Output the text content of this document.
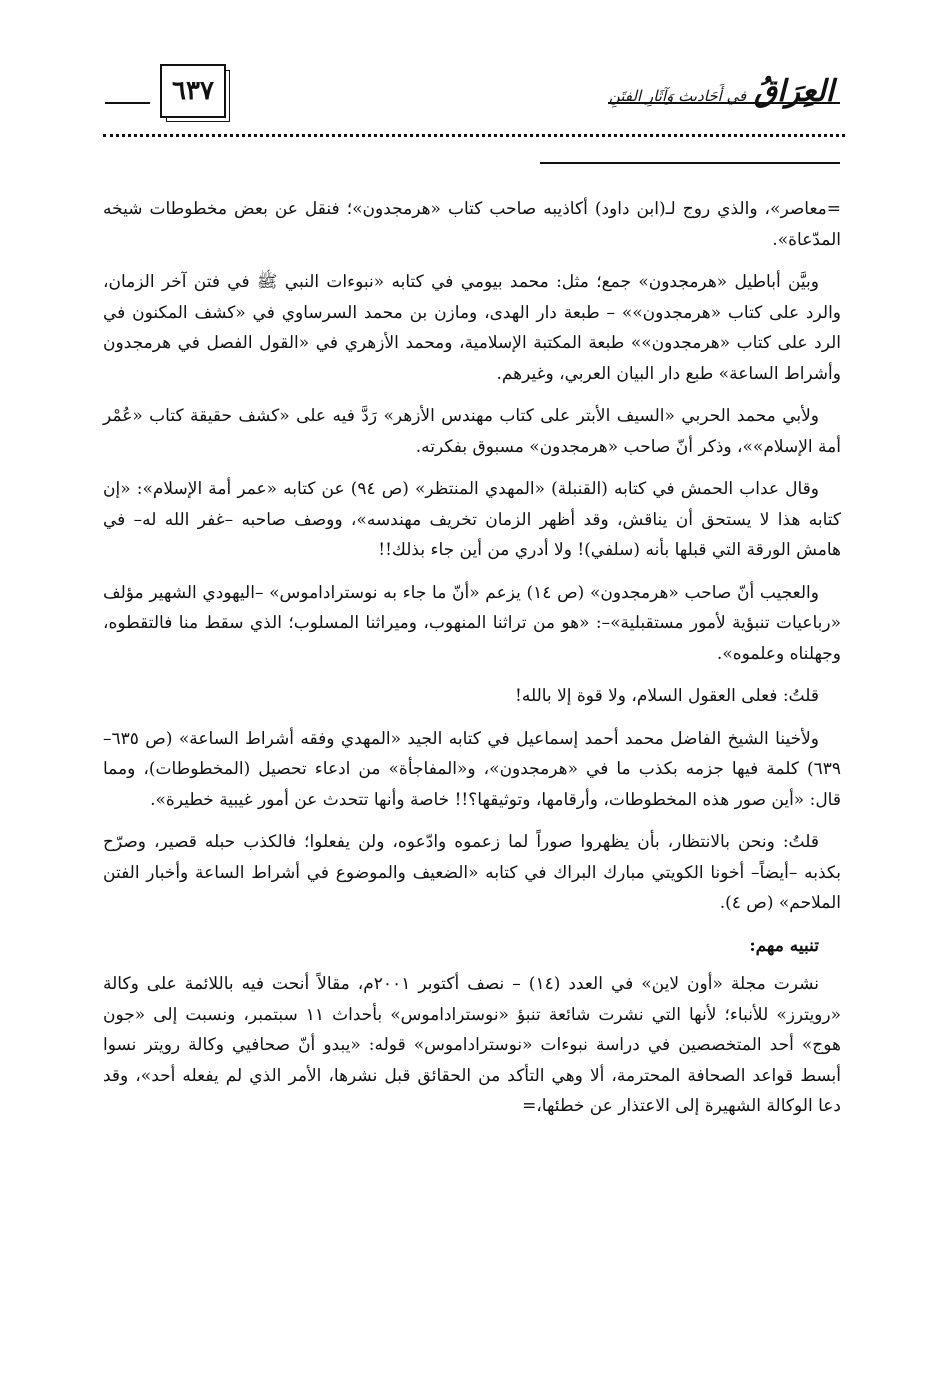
٦٣٧	العِرَاقُ فِي أَحَادِيثِ وَآثَارِ الفِتَنِ

=معاصر»، والذي روج لـ(ابن داود) أكاذيبه صاحب كتاب «هرمجدون»؛ فنقل عن بعض مخطوطات شيخه المدّعاة».

وبيَّن أباطيل «هرمجدون» جمع؛ مثل: محمد بيومي في كتابه «نبوءات النبي ﷺ في فتن آخر الزمان، والرد على كتاب «هرمجدون»» – طبعة دار الهدى، ومازن بن محمد السرساوي في «كشف المكنون في الرد على كتاب «هرمجدون»» طبعة المكتبة الإسلامية، ومحمد الأزهري في «القول الفصل في هرمجدون وأشراط الساعة» طبع دار البيان العربي، وغيرهم.

ولأبي محمد الحربي «السيف الأبتر على كتاب مهندس الأزهر» رَدَّ فيه على «كشف حقيقة كتاب «عُمْر أمة الإسلام»»، وذكر أنّ صاحب «هرمجدون» مسبوق بفكرته.

وقال عداب الحمش في كتابه (القنبلة) «المهدي المنتظر» (ص ٩٤) عن كتابه «عمر أمة الإسلام»: «إن كتابه هذا لا يستحق أن يناقش، وقد أظهر الزمان تخريف مهندسه»، ووصف صاحبه –غفر الله له– في هامش الورقة التي قبلها بأنه (سلفي)! ولا أدري من أين جاء بذلك!!

والعجيب أنّ صاحب «هرمجدون» (ص ١٤) يزعم «أنّ ما جاء به نوستراداموس» –اليهودي الشهير مؤلف «رباعيات تنبؤية لأمور مستقبلية»–: «هو من تراثنا المنهوب، وميراثنا المسلوب؛ الذي سقط منا فالتقطوه، وجهلناه وعلموه».

قلتُ: فعلى العقول السلام، ولا قوة إلا بالله!

ولأخينا الشيخ الفاضل محمد أحمد إسماعيل في كتابه الجيد «المهدي وفقه أشراط الساعة» (ص ٦٣٥–٦٣٩) كلمة فيها جزمه بكذب ما في «هرمجدون»، و«المفاجأة» من ادعاء تحصيل (المخطوطات)، ومما قال: «أين صور هذه المخطوطات، وأرقامها، وتوثيقها؟!! خاصة وأنها تتحدث عن أمور غيبية خطيرة».

قلتُ: ونحن بالانتظار، بأن يظهروا صوراً لما زعموه وادّعوه، ولن يفعلوا؛ فالكذب حبله قصير، وصرّح بكذبه –أيضاً– أخونا الكويتي مبارك البراك في كتابه «الضعيف والموضوع في أشراط الساعة وأخبار الفتن الملاحم» (ص ٤).

تنبيه مهم:

نشرت مجلة «أون لاين» في العدد (١٤) – نصف أكتوبر ٢٠٠١م، مقالاً أنحت فيه باللائمة على وكالة «رويترز» للأنباء؛ لأنها التي نشرت شائعة تنبؤ «نوستراداموس» بأحداث ١١ سبتمبر، ونسبت إلى «جون هوج» أحد المتخصصين في دراسة نبوءات «نوستراداموس» قوله: «يبدو أنّ صحافيي وكالة رويتر نسوا أبسط قواعد الصحافة المحترمة، ألا وهي التأكد من الحقائق قبل نشرها، الأمر الذي لم يفعله أحد»، وقد دعا الوكالة الشهيرة إلى الاعتذار عن خطئها،=
